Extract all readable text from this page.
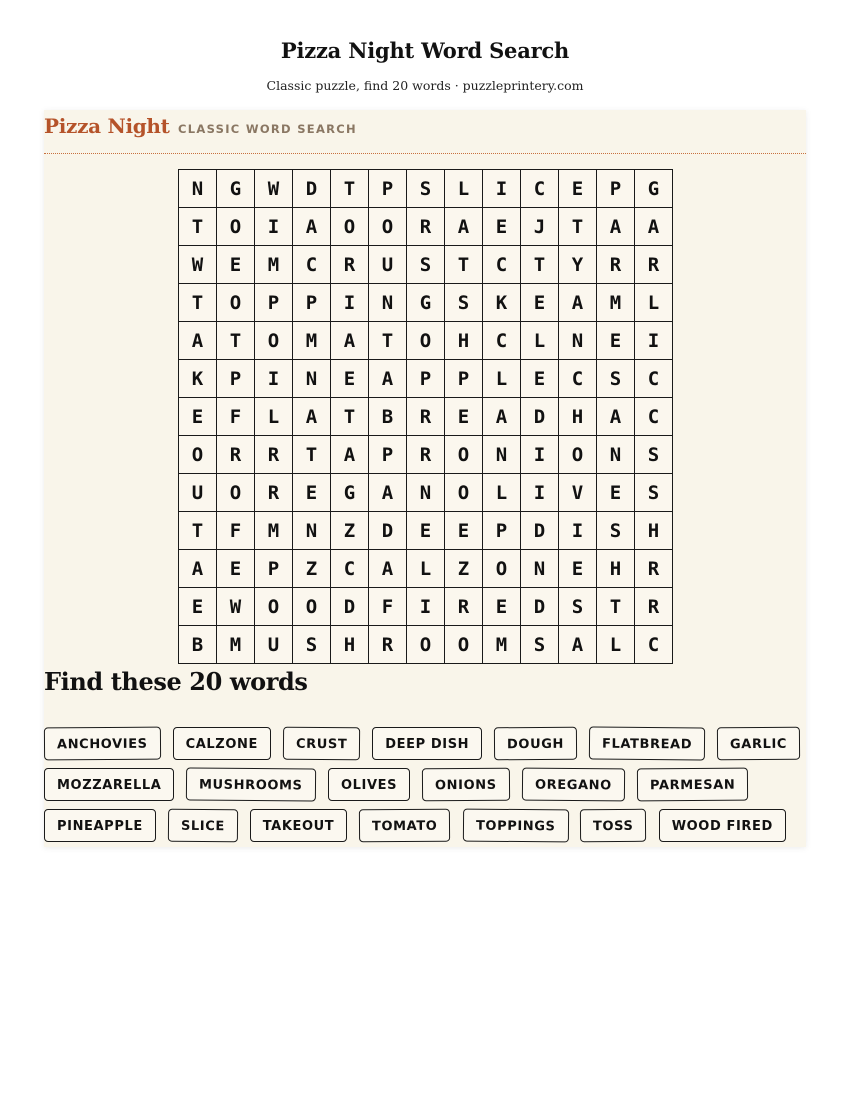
Pizza Night Word Search

Classic puzzle, find 20 words · puzzleprintery.com

Pizza Night CLASSIC WORD SEARCH
N	G	W	D	T	P	S	L	I	C	E	P	G
T	O	I	A	O	O	R	A	E	J	T	A	A
W	E	M	C	R	U	S	T	C	T	Y	R	R
T	O	P	P	I	N	G	S	K	E	A	M	L
A	T	O	M	A	T	O	H	C	L	N	E	I
K	P	I	N	E	A	P	P	L	E	C	S	C
E	F	L	A	T	B	R	E	A	D	H	A	C
O	R	R	T	A	P	R	O	N	I	O	N	S
U	O	R	E	G	A	N	O	L	I	V	E	S
T	F	M	N	Z	D	E	E	P	D	I	S	H
A	E	P	Z	C	A	L	Z	O	N	E	H	R
E	W	O	O	D	F	I	R	E	D	S	T	R
B	M	U	S	H	R	O	O	M	S	A	L	C
Find these 20 words
ANCHOVIES	CALZONE	CRUST	DEEP DISH	DOUGH	FLATBREAD	GARLIC
MOZZARELLA	MUSHROOMS	OLIVES	ONIONS	OREGANO	PARMESAN
PINEAPPLE	SLICE	TAKEOUT	TOMATO	TOPPINGS	TOSS	WOOD FIRED
